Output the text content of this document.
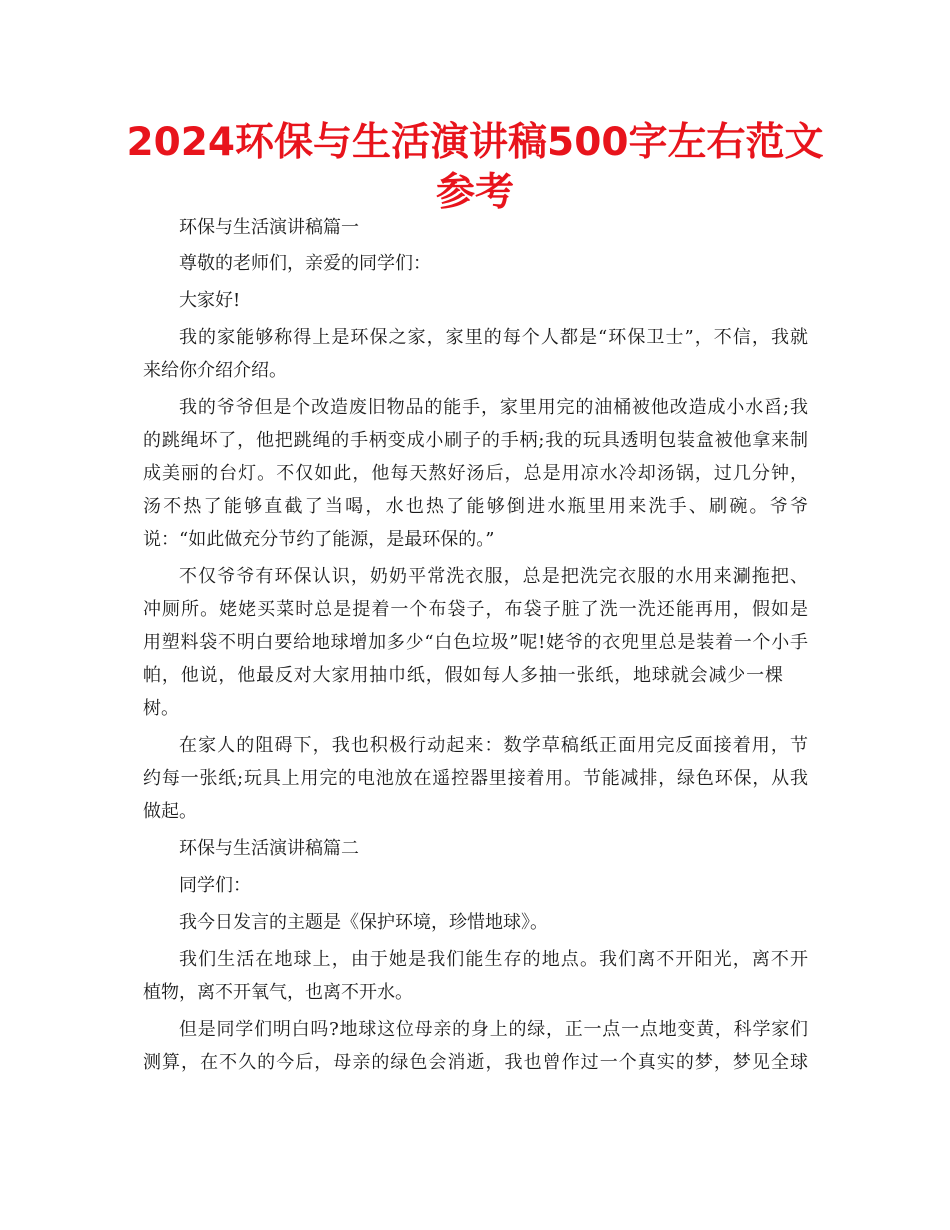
2024环保与生活演讲稿500字左右范文
参考
环保与生活演讲稿篇一
尊敬的老师们，亲爱的同学们：
大家好!
我的家能够称得上是环保之家，家里的每个人都是“环保卫士”，不信，我就
来给你介绍介绍。
我的爷爷但是个改造废旧物品的能手，家里用完的油桶被他改造成小水舀;我
的跳绳坏了，他把跳绳的手柄变成小刷子的手柄;我的玩具透明包装盒被他拿来制
成美丽的台灯。不仅如此，他每天熬好汤后，总是用凉水冷却汤锅，过几分钟，
汤不热了能够直截了当喝，水也热了能够倒进水瓶里用来洗手、刷碗。爷爷
说：“如此做充分节约了能源，是最环保的。”
不仅爷爷有环保认识，奶奶平常洗衣服，总是把洗完衣服的水用来涮拖把、
冲厕所。姥姥买菜时总是提着一个布袋子，布袋子脏了洗一洗还能再用，假如是
用塑料袋不明白要给地球增加多少“白色垃圾”呢!姥爷的衣兜里总是装着一个小手
帕，他说，他最反对大家用抽巾纸，假如每人多抽一张纸，地球就会减少一棵
树。
在家人的阻碍下，我也积极行动起来：数学草稿纸正面用完反面接着用，节
约每一张纸;玩具上用完的电池放在遥控器里接着用。节能减排，绿色环保，从我
做起。
环保与生活演讲稿篇二
同学们：
我今日发言的主题是《保护环境，珍惜地球》。
我们生活在地球上，由于她是我们能生存的地点。我们离不开阳光，离不开
植物，离不开氧气，也离不开水。
但是同学们明白吗?地球这位母亲的身上的绿，正一点一点地变黄，科学家们
测算，在不久的今后，母亲的绿色会消逝，我也曾作过一个真实的梦，梦见全球
